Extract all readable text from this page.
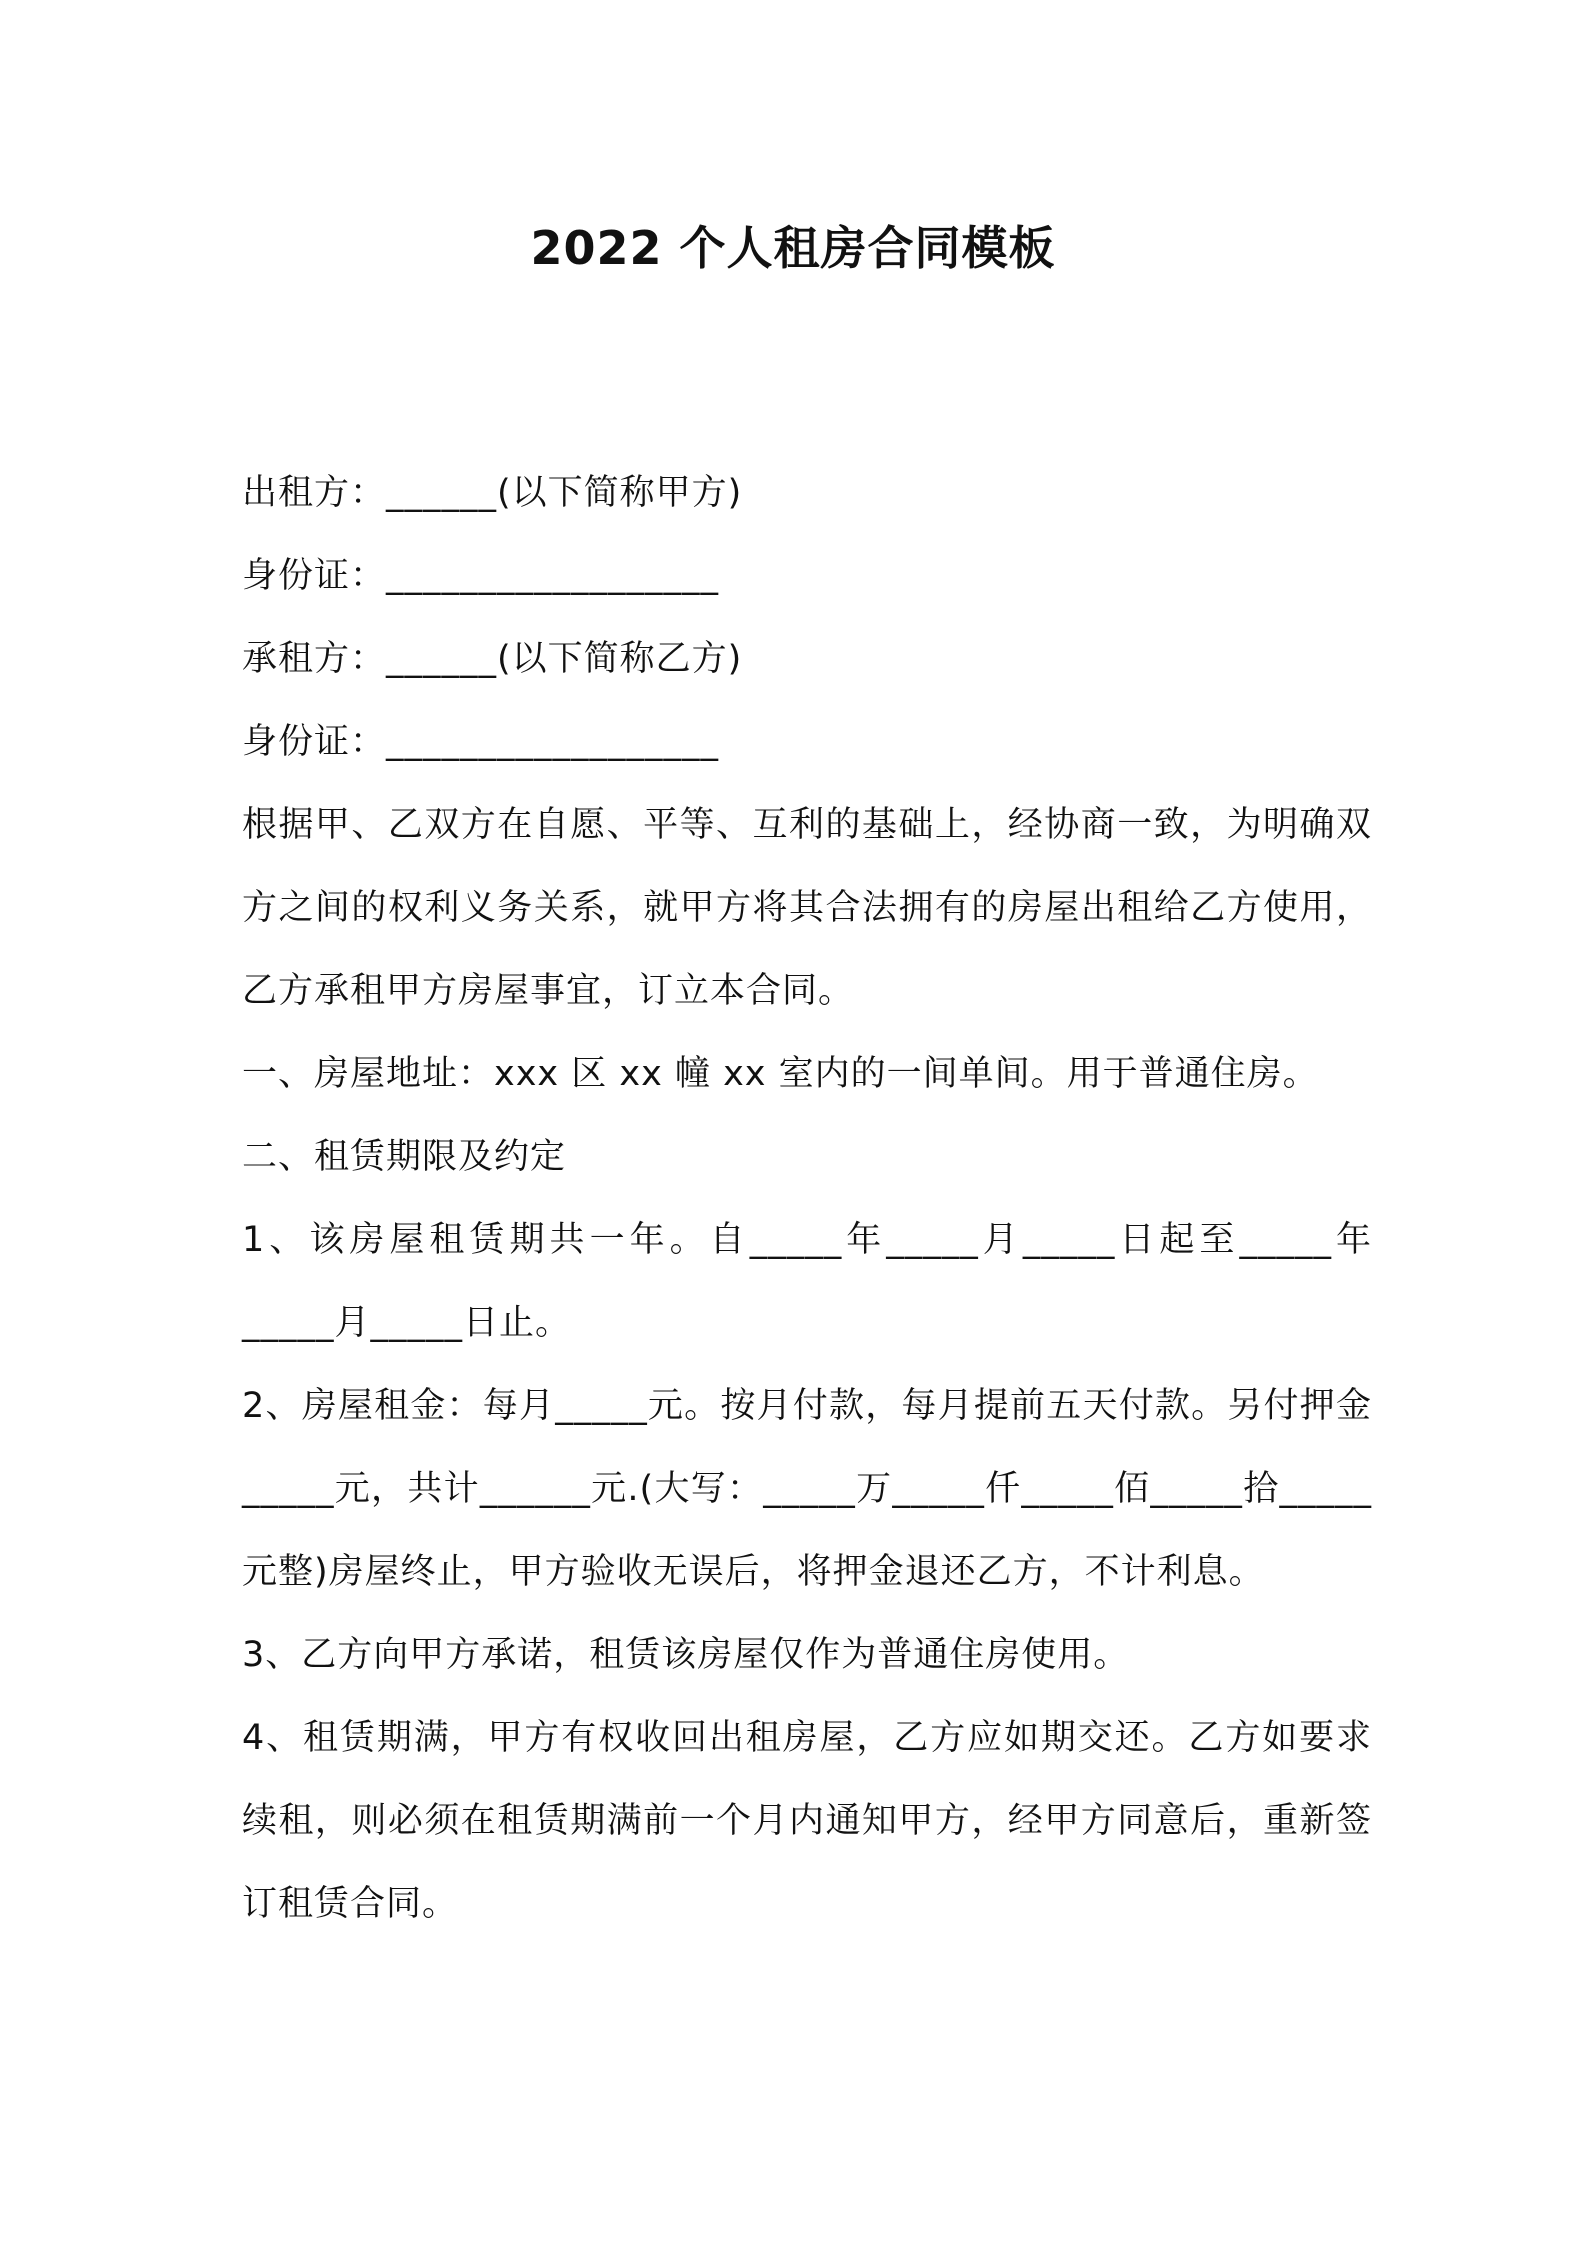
2022 个人租房合同模板

出租方：______(以下简称甲方)

身份证：__________________

承租方：______(以下简称乙方)

身份证：__________________

根据甲、乙双方在自愿、平等、互利的基础上，经协商一致，为明确双方之间的权利义务关系，就甲方将其合法拥有的房屋出租给乙方使用，乙方承租甲方房屋事宜，订立本合同。

一、房屋地址：xxx 区 xx 幢 xx 室内的一间单间。用于普通住房。

二、租赁期限及约定

1、该房屋租赁期共一年。自_____年_____月_____日起至_____年_____月_____日止。

2、房屋租金：每月_____元。按月付款，每月提前五天付款。另付押金_____元，共计______元.(大写：_____万_____仟_____佰_____拾_____元整)房屋终止，甲方验收无误后，将押金退还乙方，不计利息。

3、乙方向甲方承诺，租赁该房屋仅作为普通住房使用。

4、租赁期满，甲方有权收回出租房屋，乙方应如期交还。乙方如要求续租，则必须在租赁期满前一个月内通知甲方，经甲方同意后，重新签订租赁合同。
